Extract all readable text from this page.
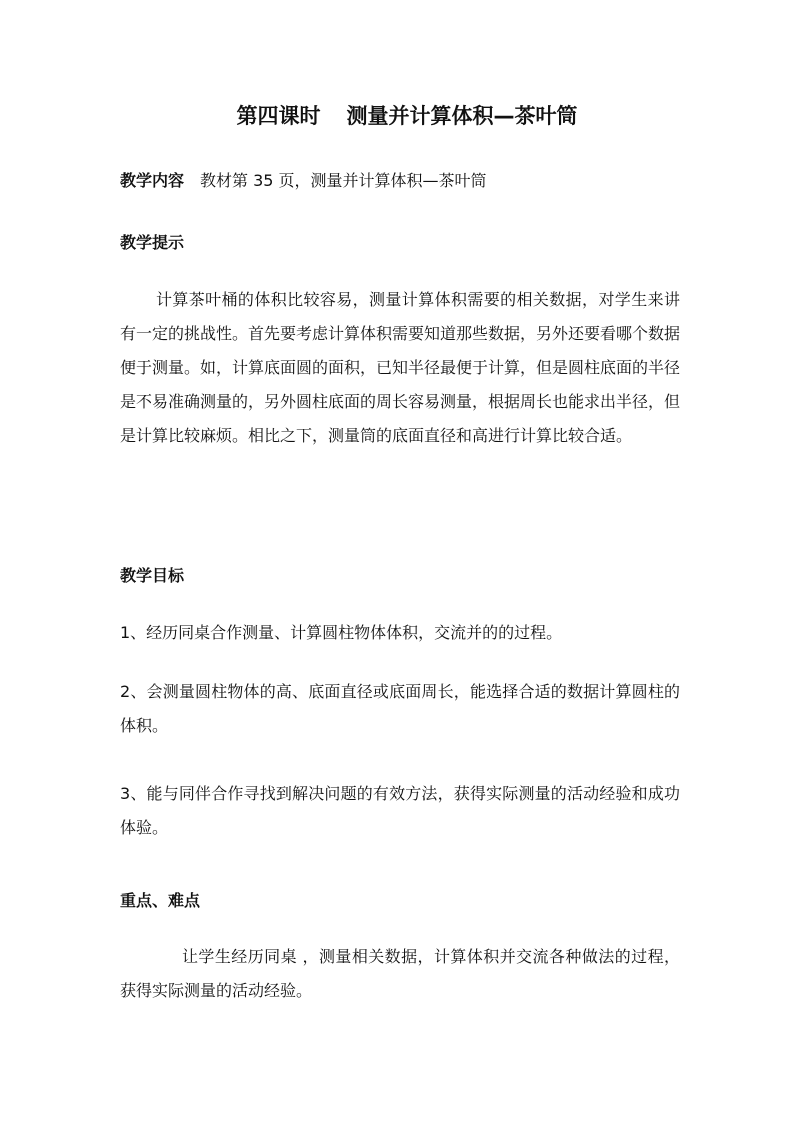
第四课时 测量并计算体积—茶叶筒
教学内容 教材第 35 页，测量并计算体积—茶叶筒
教学提示
计算茶叶桶的体积比较容易，测量计算体积需要的相关数据，对学生来讲有一定的挑战性。首先要考虑计算体积需要知道那些数据，另外还要看哪个数据便于测量。如，计算底面圆的面积，已知半径最便于计算，但是圆柱底面的半径是不易准确测量的，另外圆柱底面的周长容易测量，根据周长也能求出半径，但是计算比较麻烦。相比之下，测量筒的底面直径和高进行计算比较合适。
教学目标
1、经历同桌合作测量、计算圆柱物体体积，交流并的的过程。
2、会测量圆柱物体的高、底面直径或底面周长，能选择合适的数据计算圆柱的体积。
3、能与同伴合作寻找到解决问题的有效方法，获得实际测量的活动经验和成功体验。
重点、难点
让学生经历同桌 ，测量相关数据，计算体积并交流各种做法的过程，获得实际测量的活动经验。
